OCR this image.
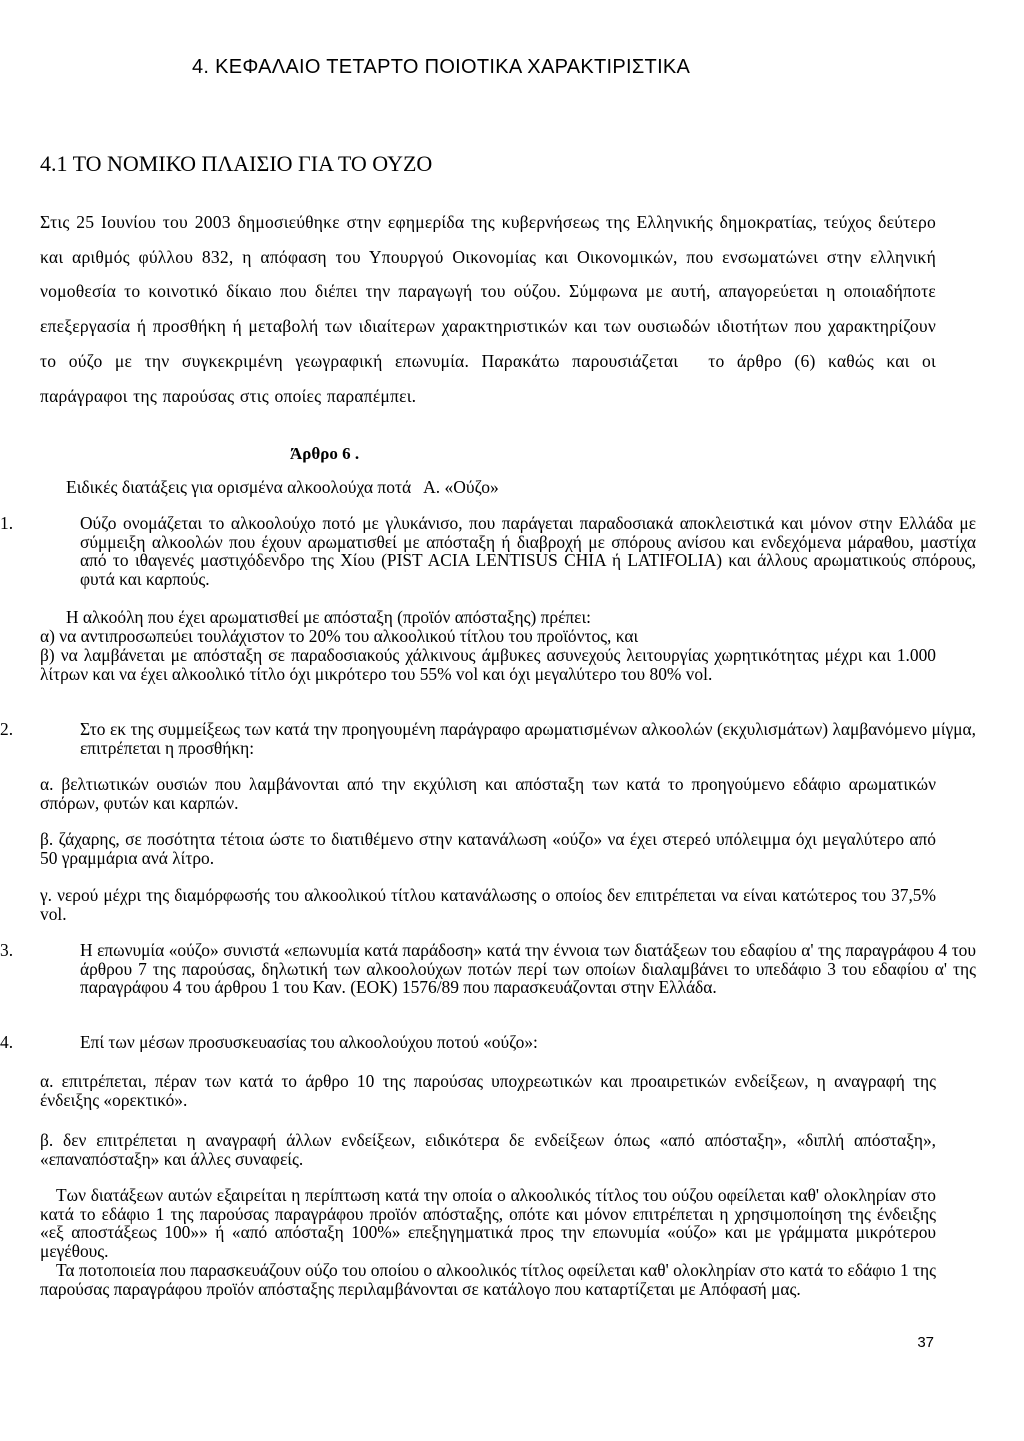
4. ΚΕΦΑΛΑΙΟ ΤΕΤΑΡΤΟ ΠΟΙΟΤΙΚΑ ΧΑΡΑΚΤΙΡΙΣΤΙΚΑ
4.1 ΤΟ ΝΟΜΙΚΟ ΠΛΑΙΣΙΟ ΓΙΑ ΤΟ ΟΥΖΟ

Στις 25 Ιουνίου του 2003 δημοσιεύθηκε στην εφημερίδα της κυβερνήσεως της Ελληνικής δημοκρατίας, τεύχος δεύτερο και αριθμός φύλλου 832, η απόφαση του Υπουργού Οικονομίας και Οικονομικών, που ενσωματώνει στην ελληνική νομοθεσία το κοινοτικό δίκαιο που διέπει την παραγωγή του ούζου. Σύμφωνα με αυτή, απαγορεύεται η οποιαδήποτε επεξεργασία ή προσθήκη ή μεταβολή των ιδιαίτερων χαρακτηριστικών και των ουσιωδών ιδιοτήτων που χαρακτηρίζουν το ούζο με την συγκεκριμένη γεωγραφική επωνυμία. Παρακάτω παρουσιάζεται το άρθρο (6) καθώς και οι παράγραφοι της παρούσας στις οποίες παραπέμπει.

Άρθρο 6 .
Ειδικές διατάξεις για ορισμένα αλκοολούχα ποτά Α. «Ούζο»

1.	Ούζο ονομάζεται το αλκοολούχο ποτό με γλυκάνισο, που παράγεται παραδοσιακά αποκλειστικά και μόνον στην Ελλάδα με σύμμειξη αλκοολών που έχουν αρωματισθεί με απόσταξη ή διαβροχή με σπόρους ανίσου και ενδεχόμενα μάραθου, μαστίχα από το ιθαγενές μαστιχόδενδρο της Χίου (PIST ACIA LENTISUS CHIA ή LATIFOLIA) και άλλους αρωματικούς σπόρους, φυτά και καρπούς.

Η αλκοόλη που έχει αρωματισθεί με απόσταξη (προϊόν απόσταξης) πρέπει:

α) να αντιπροσωπεύει τουλάχιστον το 20% του αλκοολικού τίτλου του προϊόντος, και

β) να λαμβάνεται με απόσταξη σε παραδοσιακούς χάλκινους άμβυκες ασυνεχούς λειτουργίας χωρητικότητας μέχρι και 1.000 λίτρων και να έχει αλκοολικό τίτλο όχι μικρότερο του 55% vol και όχι μεγαλύτερο του 80% vol.

2.	Στο εκ της συμμείξεως των κατά την προηγουμένη παράγραφο αρωματισμένων αλκοολών (εκχυλισμάτων) λαμβανόμενο μίγμα, επιτρέπεται η προσθήκη:

α. βελτιωτικών ουσιών που λαμβάνονται από την εκχύλιση και απόσταξη των κατά το προηγούμενο εδάφιο αρωματικών σπόρων, φυτών και καρπών.

β. ζάχαρης, σε ποσότητα τέτοια ώστε το διατιθέμενο στην κατανάλωση «ούζο» να έχει στερεό υπόλειμμα όχι μεγαλύτερο από 50 γραμμάρια ανά λίτρο.

γ. νερού μέχρι της διαμόρφωσής του αλκοολικού τίτλου κατανάλωσης ο οποίος δεν επιτρέπεται να είναι κατώτερος του 37,5% vol.

3.	Η επωνυμία «ούζο» συνιστά «επωνυμία κατά παράδοση» κατά την έννοια των διατάξεων του εδαφίου α' της παραγράφου 4 του άρθρου 7 της παρούσας, δηλωτική των αλκοολούχων ποτών περί των οποίων διαλαμβάνει το υπεδάφιο 3 του εδαφίου α' της παραγράφου 4 του άρθρου 1 του Καν. (ΕΟΚ) 1576/89 που παρασκευάζονται στην Ελλάδα.

4.	Επί των μέσων προσυσκευασίας του αλκοολούχου ποτού «ούζο»:

α. επιτρέπεται, πέραν των κατά το άρθρο 10 της παρούσας υποχρεωτικών και προαιρετικών ενδείξεων, η αναγραφή της ένδειξης «ορεκτικό».

β. δεν επιτρέπεται η αναγραφή άλλων ενδείξεων, ειδικότερα δε ενδείξεων όπως «από απόσταξη», «διπλή απόσταξη», «επαναπόσταξη» και άλλες συναφείς.

Των διατάξεων αυτών εξαιρείται η περίπτωση κατά την οποία ο αλκοολικός τίτλος του ούζου οφείλεται καθ' ολοκληρίαν στο κατά το εδάφιο 1 της παρούσας παραγράφου προϊόν απόσταξης, οπότε και μόνον επιτρέπεται η χρησιμοποίηση της ένδειξης «εξ αποστάξεως 100»» ή «από απόσταξη 100%» επεξηγηματικά προς την επωνυμία «ούζο» και με γράμματα μικρότερου μεγέθους.

Τα ποτοποιεία που παρασκευάζουν ούζο του οποίου ο αλκοολικός τίτλος οφείλεται καθ' ολοκληρίαν στο κατά το εδάφιο 1 της παρούσας παραγράφου προϊόν απόσταξης περιλαμβάνονται σε κατάλογο που καταρτίζεται με Απόφασή μας.

37
